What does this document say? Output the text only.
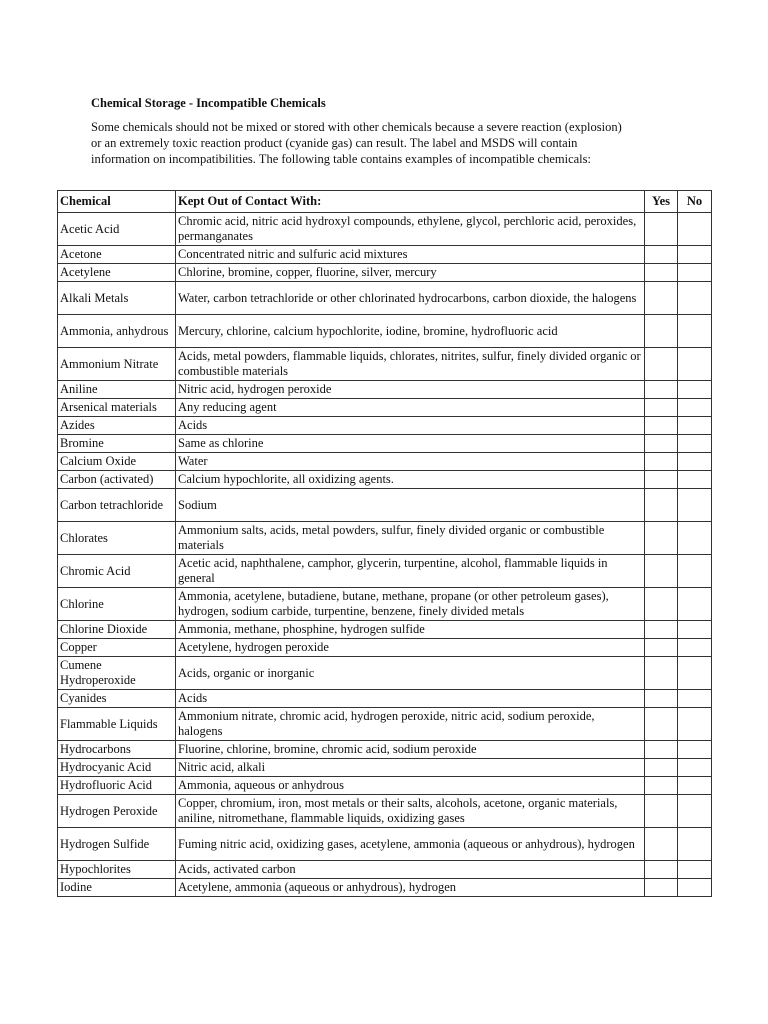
Chemical Storage - Incompatible Chemicals
Some chemicals should not be mixed or stored with other chemicals because a severe reaction (explosion) or an extremely toxic reaction product (cyanide gas) can result. The label and MSDS will contain information on incompatibilities. The following table contains examples of incompatible chemicals:
Chemical	Kept Out of Contact With:	Yes	No
Acetic Acid	Chromic acid, nitric acid hydroxyl compounds, ethylene, glycol, perchloric acid, peroxides, permanganates		
Acetone	Concentrated nitric and sulfuric acid mixtures		
Acetylene	Chlorine, bromine, copper, fluorine, silver, mercury		
Alkali Metals	Water, carbon tetrachloride or other chlorinated hydrocarbons, carbon dioxide, the halogens		
Ammonia, anhydrous	Mercury, chlorine, calcium hypochlorite, iodine, bromine, hydrofluoric acid		
Ammonium Nitrate	Acids, metal powders, flammable liquids, chlorates, nitrites, sulfur, finely divided organic or combustible materials		
Aniline	Nitric acid, hydrogen peroxide		
Arsenical materials	Any reducing agent		
Azides	Acids		
Bromine	Same as chlorine		
Calcium Oxide	Water		
Carbon (activated)	Calcium hypochlorite, all oxidizing agents.		
Carbon tetrachloride	Sodium		
Chlorates	Ammonium salts, acids, metal powders, sulfur, finely divided organic or combustible materials		
Chromic Acid	Acetic acid, naphthalene, camphor, glycerin, turpentine, alcohol, flammable liquids in general		
Chlorine	Ammonia, acetylene, butadiene, butane, methane, propane (or other petroleum gases), hydrogen, sodium carbide, turpentine, benzene, finely divided metals		
Chlorine Dioxide	Ammonia, methane, phosphine, hydrogen sulfide		
Copper	Acetylene, hydrogen peroxide		
Cumene Hydroperoxide	Acids, organic or inorganic		
Cyanides	Acids		
Flammable Liquids	Ammonium nitrate, chromic acid, hydrogen peroxide, nitric acid, sodium peroxide, halogens		
Hydrocarbons	Fluorine, chlorine, bromine, chromic acid, sodium peroxide		
Hydrocyanic Acid	Nitric acid, alkali		
Hydrofluoric Acid	Ammonia, aqueous or anhydrous		
Hydrogen Peroxide	Copper, chromium, iron, most metals or their salts, alcohols, acetone, organic materials, aniline, nitromethane, flammable liquids, oxidizing gases		
Hydrogen Sulfide	Fuming nitric acid, oxidizing gases, acetylene, ammonia (aqueous or anhydrous), hydrogen		
Hypochlorites	Acids, activated carbon		
Iodine	Acetylene, ammonia (aqueous or anhydrous), hydrogen		
